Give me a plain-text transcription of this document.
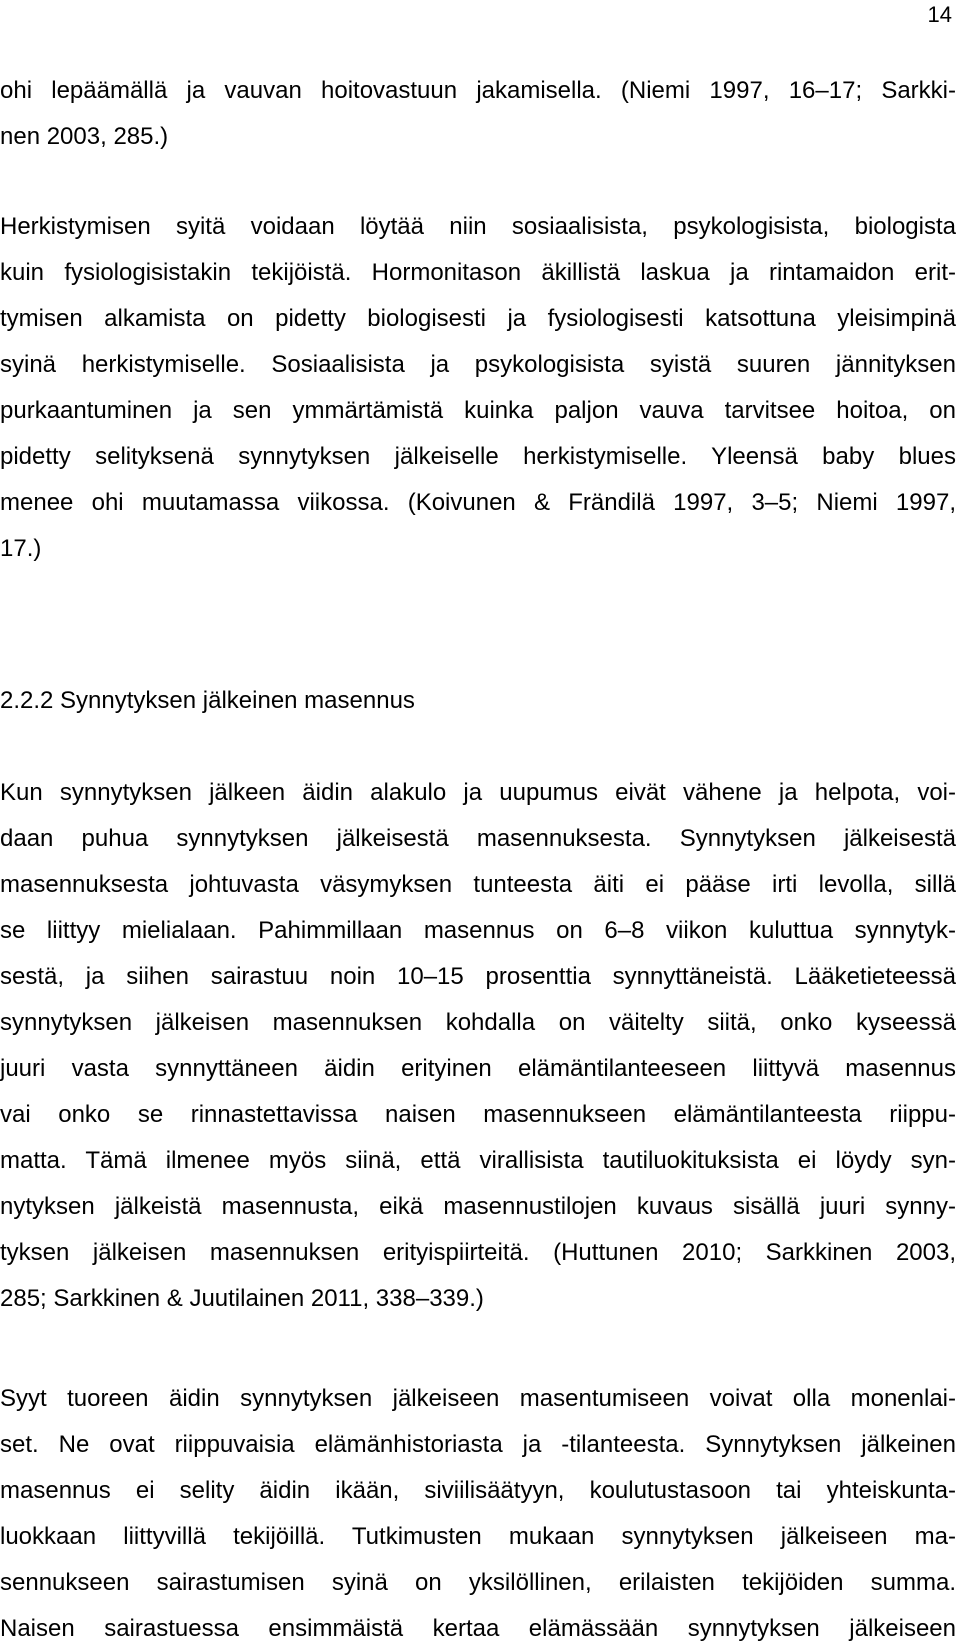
14
ohi lepäämällä ja vauvan hoitovastuun jakamisella. (Niemi 1997, 16–17; Sarkki-
nen 2003, 285.)
Herkistymisen syitä voidaan löytää niin sosiaalisista, psykologisista, biologista
kuin fysiologisistakin tekijöistä. Hormonitason äkillistä laskua ja rintamaidon erit-
tymisen alkamista on pidetty biologisesti ja fysiologisesti katsottuna yleisimpinä
syinä herkistymiselle. Sosiaalisista ja psykologisista syistä suuren jännityksen
purkaantuminen ja sen ymmärtämistä kuinka paljon vauva tarvitsee hoitoa, on
pidetty selityksenä synnytyksen jälkeiselle herkistymiselle. Yleensä baby blues
menee ohi muutamassa viikossa. (Koivunen & Frändilä 1997, 3–5; Niemi 1997,
17.)
2.2.2 Synnytyksen jälkeinen masennus
Kun synnytyksen jälkeen äidin alakulo ja uupumus eivät vähene ja helpota, voi-
daan puhua synnytyksen jälkeisestä masennuksesta. Synnytyksen jälkeisestä
masennuksesta johtuvasta väsymyksen tunteesta äiti ei pääse irti levolla, sillä
se liittyy mielialaan. Pahimmillaan masennus on 6–8 viikon kuluttua synnytyk-
sestä, ja siihen sairastuu noin 10–15 prosenttia synnyttäneistä. Lääketieteessä
synnytyksen jälkeisen masennuksen kohdalla on väitelty siitä, onko kyseessä
juuri vasta synnyttäneen äidin erityinen elämäntilanteeseen liittyvä masennus
vai onko se rinnastettavissa naisen masennukseen elämäntilanteesta riippu-
matta. Tämä ilmenee myös siinä, että virallisista tautiluokituksista ei löydy syn-
nytyksen jälkeistä masennusta, eikä masennustilojen kuvaus sisällä juuri synny-
tyksen jälkeisen masennuksen erityispiirteitä. (Huttunen 2010; Sarkkinen 2003,
285; Sarkkinen & Juutilainen 2011, 338–339.)
Syyt tuoreen äidin synnytyksen jälkeiseen masentumiseen voivat olla monenlai-
set. Ne ovat riippuvaisia elämänhistoriasta ja -tilanteesta. Synnytyksen jälkeinen
masennus ei selity äidin ikään, siviilisäätyyn, koulutustasoon tai yhteiskunta-
luokkaan liittyvillä tekijöillä. Tutkimusten mukaan synnytyksen jälkeiseen ma-
sennukseen sairastumisen syinä on yksilöllinen, erilaisten tekijöiden summa.
Naisen sairastuessa ensimmäistä kertaa elämässään synnytyksen jälkeiseen
